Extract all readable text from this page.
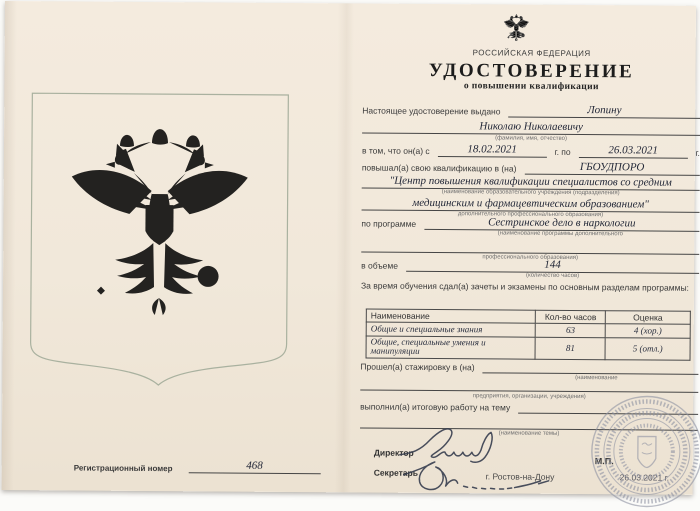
Регистрационный номер	468
РОССИЙСКАЯ ФЕДЕРАЦИЯ
УДОСТОВЕРЕНИЕ
о повышении квалификации
Настоящее удостоверение выдано	Лопину
Николаю Николаевичу
(фамилия, имя, отчество)
в том, что он(а) с	18.02.2021	г. по	26.03.2021	г.
повышал(а) свою квалификацию в (на)	ГБОУДПОРО
"Центр повышения квалификации специалистов со средним
(наименование образовательного учреждения (подразделения)
медицинским и фармацевтическим образованием"
дополнительного профессионального образования)
по программе	Сестринское дело в наркологии
(наименование программы дополнительного
профессионального образования)
в объеме	144
(количество часов)
За время обучения сдал(а) зачеты и экзамены по основным разделам программы:
Наименование	Кол-во часов	Оценка
Общие и специальные знания	63	4 (хор.)
Общие, специальные умения и манипуляции	81	5 (отл.)
Прошел(а) стажировку в (на)
(наименование
предприятия, организации, учреждения)
выполнил(а) итоговую работу на тему
(наименование темы)
Директор
М.П.
Секретарь	г. Ростов-на-Дону	26.03.2021 г.
